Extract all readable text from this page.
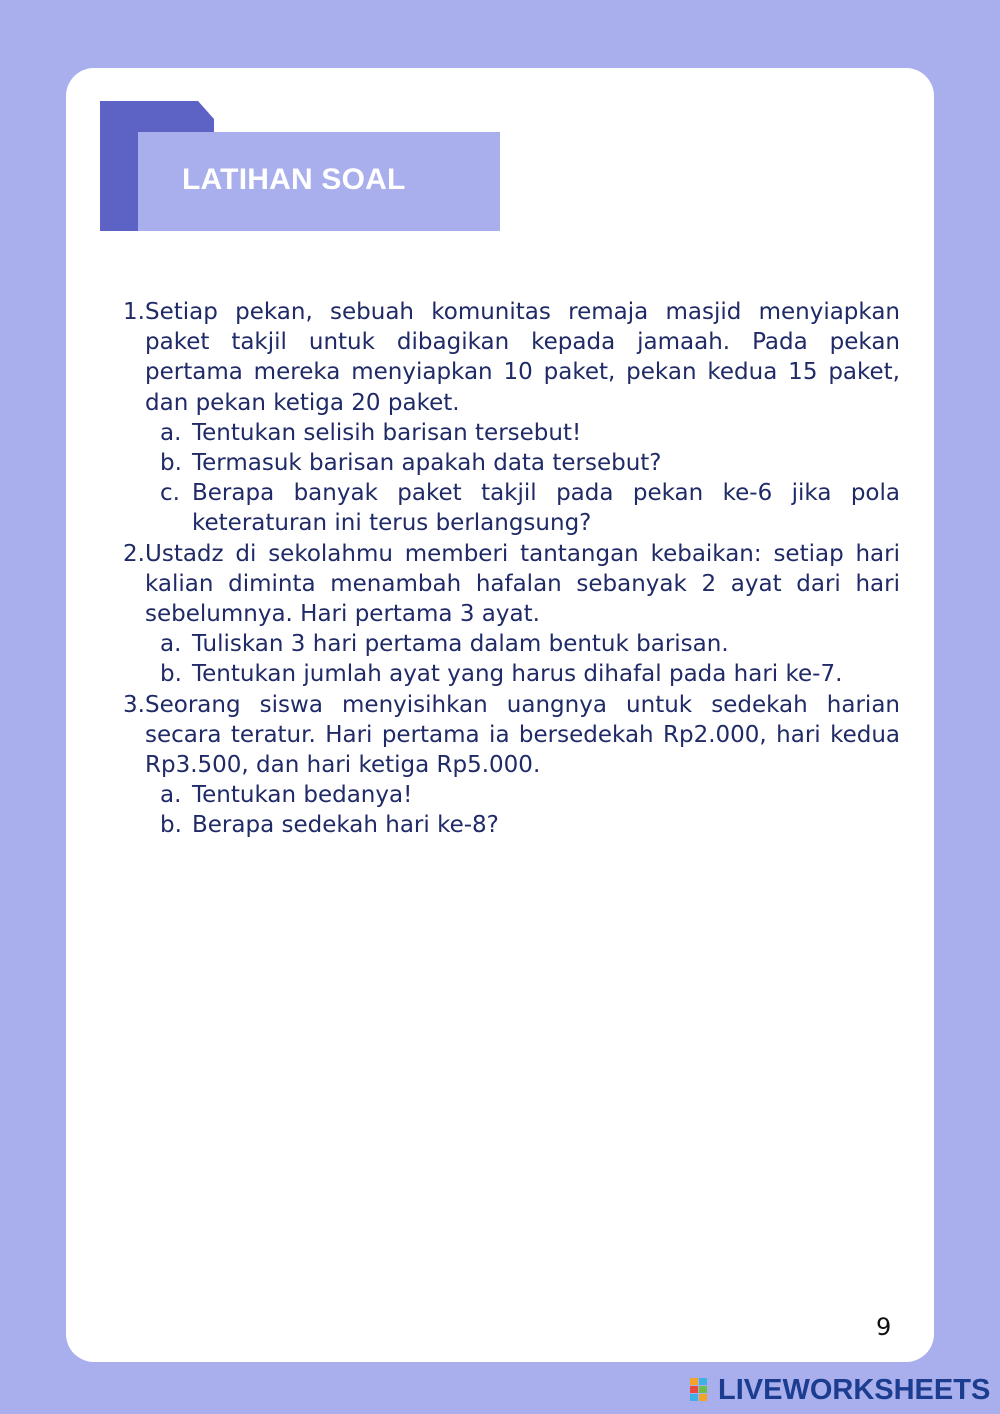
LATIHAN SOAL
1. Setiap pekan, sebuah komunitas remaja masjid menyiapkan paket takjil untuk dibagikan kepada jamaah. Pada pekan pertama mereka menyiapkan 10 paket, pekan kedua 15 paket, dan pekan ketiga 20 paket.
a. Tentukan selisih barisan tersebut!
b. Termasuk barisan apakah data tersebut?
c. Berapa banyak paket takjil pada pekan ke-6 jika pola keteraturan ini terus berlangsung?
2. Ustadz di sekolahmu memberi tantangan kebaikan: setiap hari kalian diminta menambah hafalan sebanyak 2 ayat dari hari sebelumnya. Hari pertama 3 ayat.
a. Tuliskan 3 hari pertama dalam bentuk barisan.
b. Tentukan jumlah ayat yang harus dihafal pada hari ke-7.
3. Seorang siswa menyisihkan uangnya untuk sedekah harian secara teratur. Hari pertama ia bersedekah Rp2.000, hari kedua Rp3.500, dan hari ketiga Rp5.000.
a. Tentukan bedanya!
b. Berapa sedekah hari ke-8?
9
LIVEWORKSHEETS
